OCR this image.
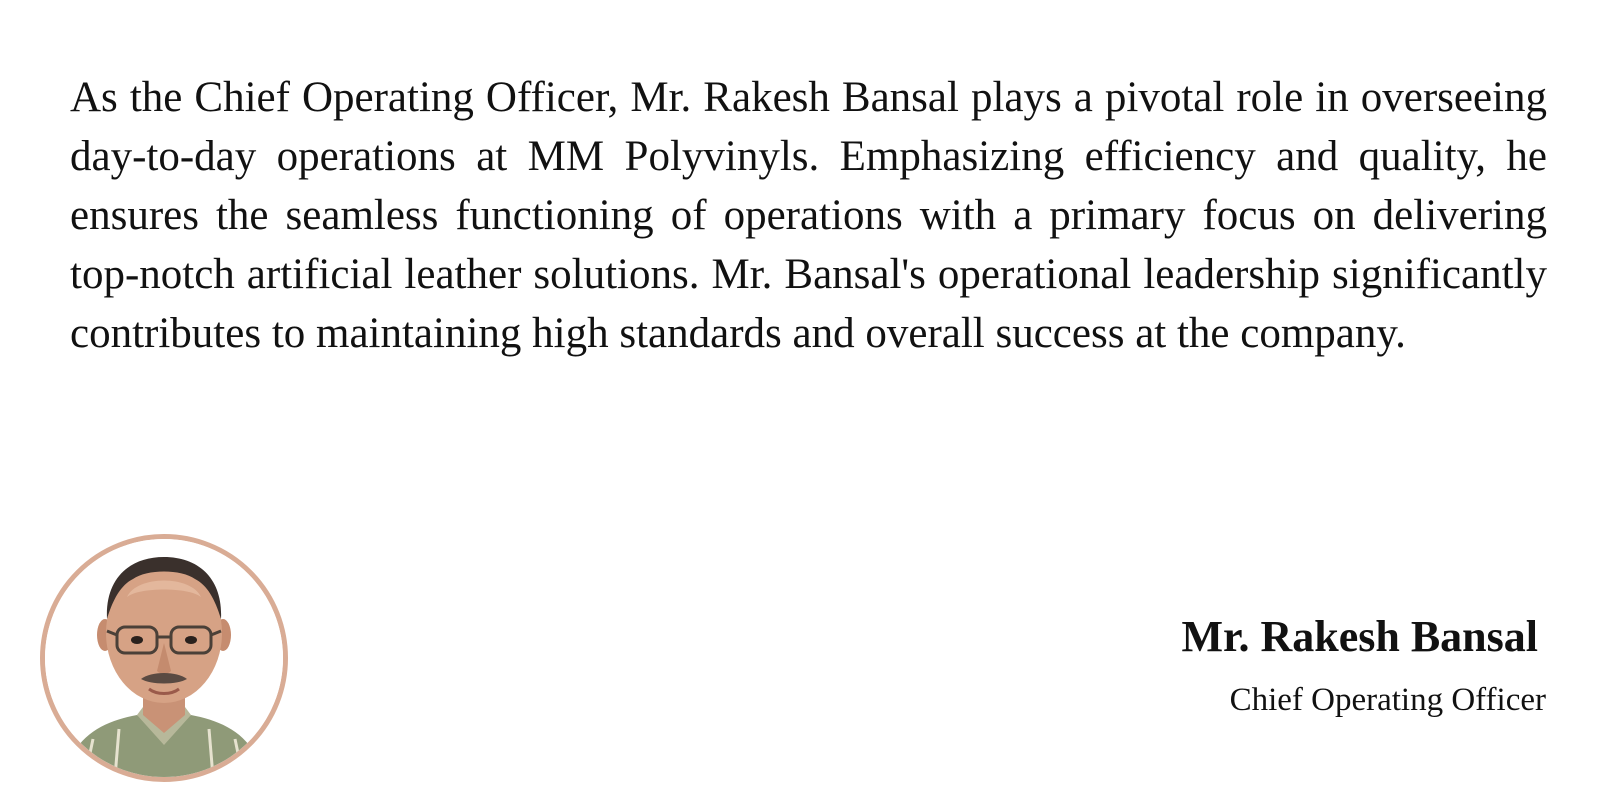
As the Chief Operating Officer, Mr. Rakesh Bansal plays a pivotal role in overseeing day-to-day operations at MM Polyvinyls. Emphasizing efficiency and quality, he ensures the seamless functioning of operations with a primary focus on delivering top-notch artificial leather solutions. Mr. Bansal's operational leadership significantly contributes to maintaining high standards and overall success at the company.

Mr. Rakesh Bansal

Chief Operating Officer
